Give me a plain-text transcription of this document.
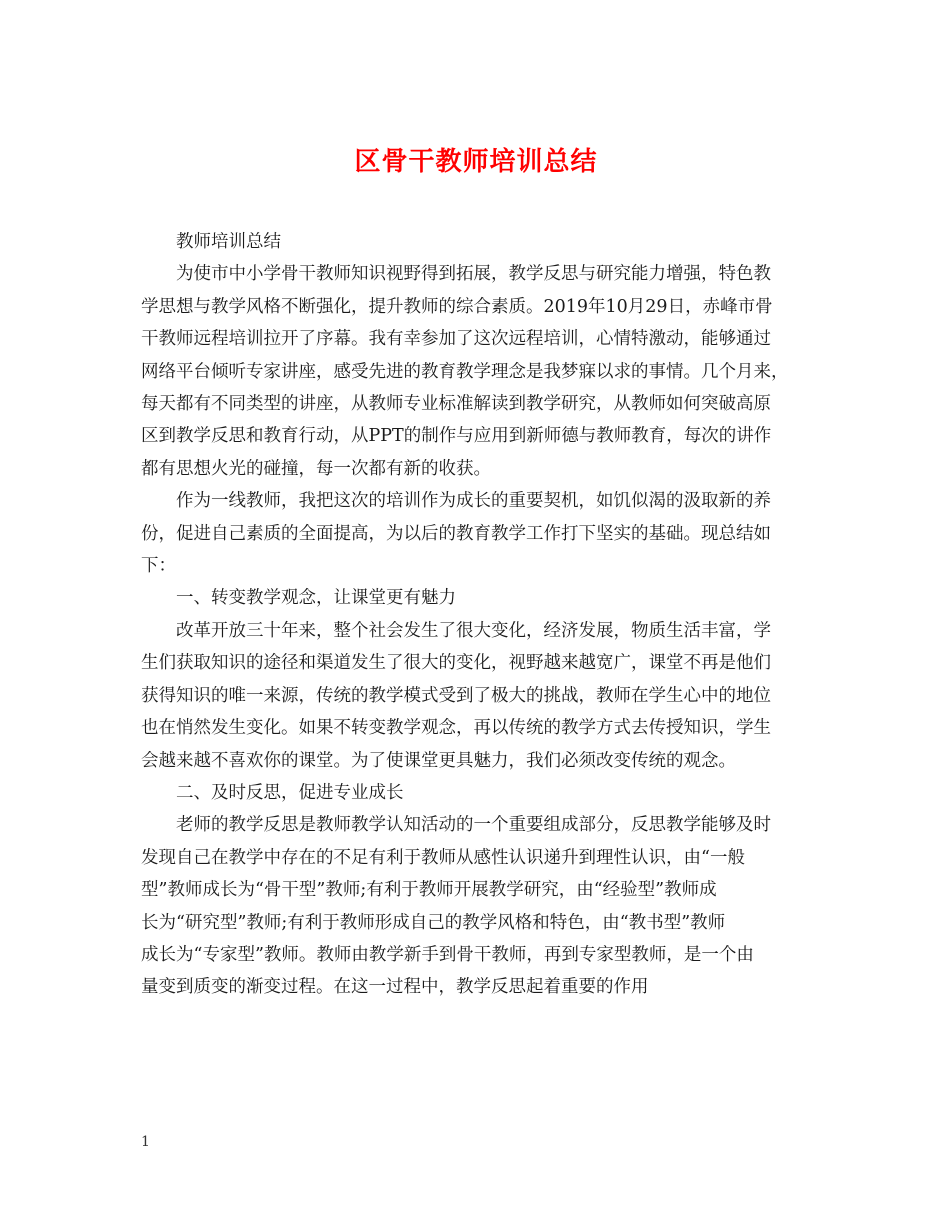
区骨干教师培训总结

教师培训总结

为使市中小学骨干教师知识视野得到拓展，教学反思与研究能力增强，特色教
学思想与教学风格不断强化，提升教师的综合素质。2019年10月29日，赤峰市骨
干教师远程培训拉开了序幕。我有幸参加了这次远程培训，心情特激动，能够通过
网络平台倾听专家讲座，感受先进的教育教学理念是我梦寐以求的事情。几个月来，
每天都有不同类型的讲座，从教师专业标准解读到教学研究，从教师如何突破高原
区到教学反思和教育行动，从PPT的制作与应用到新师德与教师教育，每次的讲作
都有思想火光的碰撞，每一次都有新的收获。

作为一线教师，我把这次的培训作为成长的重要契机，如饥似渴的汲取新的养
份，促进自己素质的全面提高，为以后的教育教学工作打下坚实的基础。现总结如
下：

一、转变教学观念，让课堂更有魅力

改革开放三十年来，整个社会发生了很大变化，经济发展，物质生活丰富，学
生们获取知识的途径和渠道发生了很大的变化，视野越来越宽广，课堂不再是他们
获得知识的唯一来源，传统的教学模式受到了极大的挑战，教师在学生心中的地位
也在悄然发生变化。如果不转变教学观念，再以传统的教学方式去传授知识，学生
会越来越不喜欢你的课堂。为了使课堂更具魅力，我们必须改变传统的观念。

二、及时反思，促进专业成长

老师的教学反思是教师教学认知活动的一个重要组成部分，反思教学能够及时
发现自己在教学中存在的不足有利于教师从感性认识递升到理性认识，由“一般
型”教师成长为“骨干型”教师;有利于教师开展教学研究，由“经验型”教师成
长为“研究型”教师;有利于教师形成自己的教学风格和特色，由“教书型”教师
成长为“专家型”教师。教师由教学新手到骨干教师，再到专家型教师，是一个由
量变到质变的渐变过程。在这一过程中，教学反思起着重要的作用

1
